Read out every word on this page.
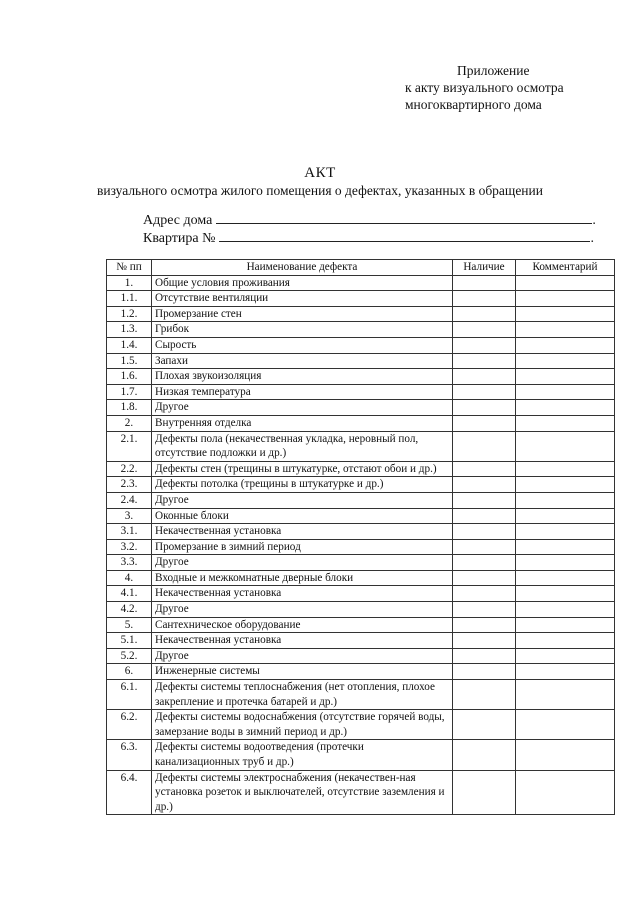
Приложение
к акту визуального осмотра
многоквартирного дома
АКТ
визуального осмотра жилого помещения о дефектах, указанных в обращении
Адрес дома	.
Квартира №	.
№ пп	Наименование дефекта	Наличие	Комментарий
1.	Общие условия проживания		
1.1.	Отсутствие вентиляции		
1.2.	Промерзание стен		
1.3.	Грибок		
1.4.	Сырость		
1.5.	Запахи		
1.6.	Плохая звукоизоляция		
1.7.	Низкая температура		
1.8.	Другое		
2.	Внутренняя отделка		
2.1.	Дефекты пола (некачественная укладка, неровный пол, отсутствие подложки и др.)		
2.2.	Дефекты стен (трещины в штукатурке, отстают обои и др.)		
2.3.	Дефекты потолка (трещины в штукатурке и др.)		
2.4.	Другое		
3.	Оконные блоки		
3.1.	Некачественная установка		
3.2.	Промерзание в зимний период		
3.3.	Другое		
4.	Входные и межкомнатные дверные блоки		
4.1.	Некачественная установка		
4.2.	Другое		
5.	Сантехническое оборудование		
5.1.	Некачественная установка		
5.2.	Другое		
6.	Инженерные системы		
6.1.	Дефекты системы теплоснабжения (нет отопления, плохое закрепление и протечка батарей и др.)		
6.2.	Дефекты системы водоснабжения (отсутствие горячей воды, замерзание воды в зимний период и др.)		
6.3.	Дефекты системы водоотведения (протечки канализационных труб и др.)		
6.4.	Дефекты системы электроснабжения (некачествен-ная установка розеток и выключателей, отсутствие заземления и др.)		
